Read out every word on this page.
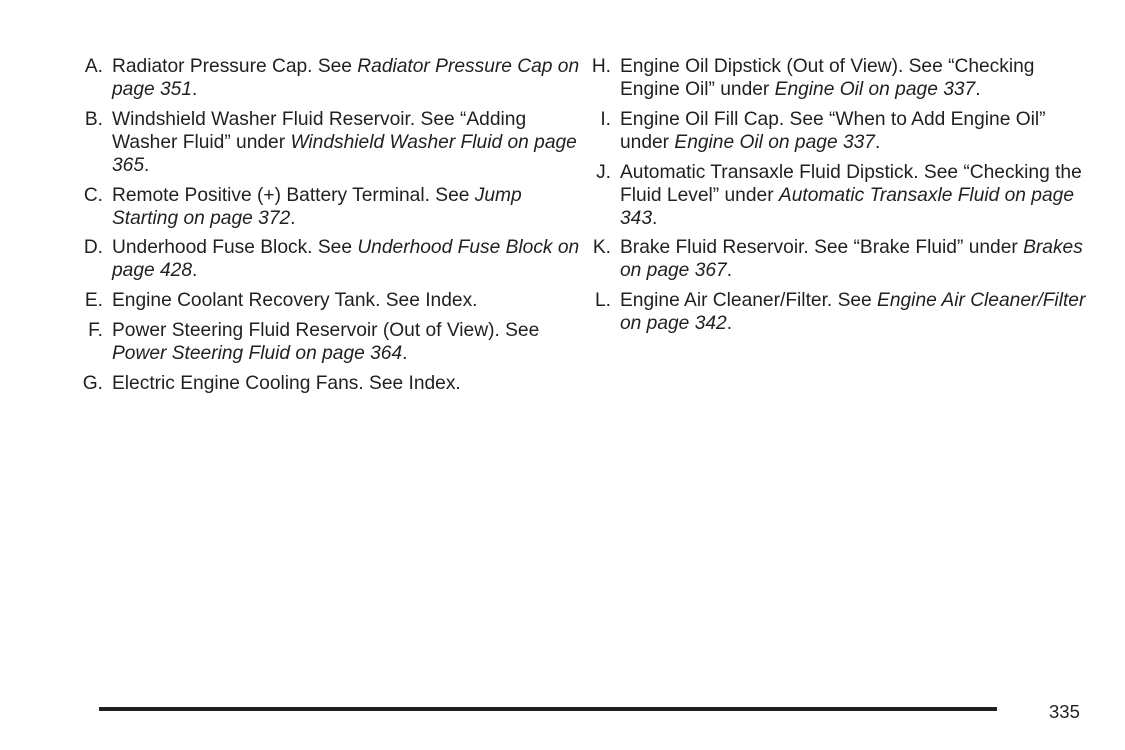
A. Radiator Pressure Cap. See Radiator Pressure Cap on page 351.
B. Windshield Washer Fluid Reservoir. See “Adding Washer Fluid” under Windshield Washer Fluid on page 365.
C. Remote Positive (+) Battery Terminal. See Jump Starting on page 372.
D. Underhood Fuse Block. See Underhood Fuse Block on page 428.
E. Engine Coolant Recovery Tank. See Index.
F. Power Steering Fluid Reservoir (Out of View). See Power Steering Fluid on page 364.
G. Electric Engine Cooling Fans. See Index.
H. Engine Oil Dipstick (Out of View). See “Checking Engine Oil” under Engine Oil on page 337.
I. Engine Oil Fill Cap. See “When to Add Engine Oil” under Engine Oil on page 337.
J. Automatic Transaxle Fluid Dipstick. See “Checking the Fluid Level” under Automatic Transaxle Fluid on page 343.
K. Brake Fluid Reservoir. See “Brake Fluid” under Brakes on page 367.
L. Engine Air Cleaner/Filter. See Engine Air Cleaner/Filter on page 342.
335
